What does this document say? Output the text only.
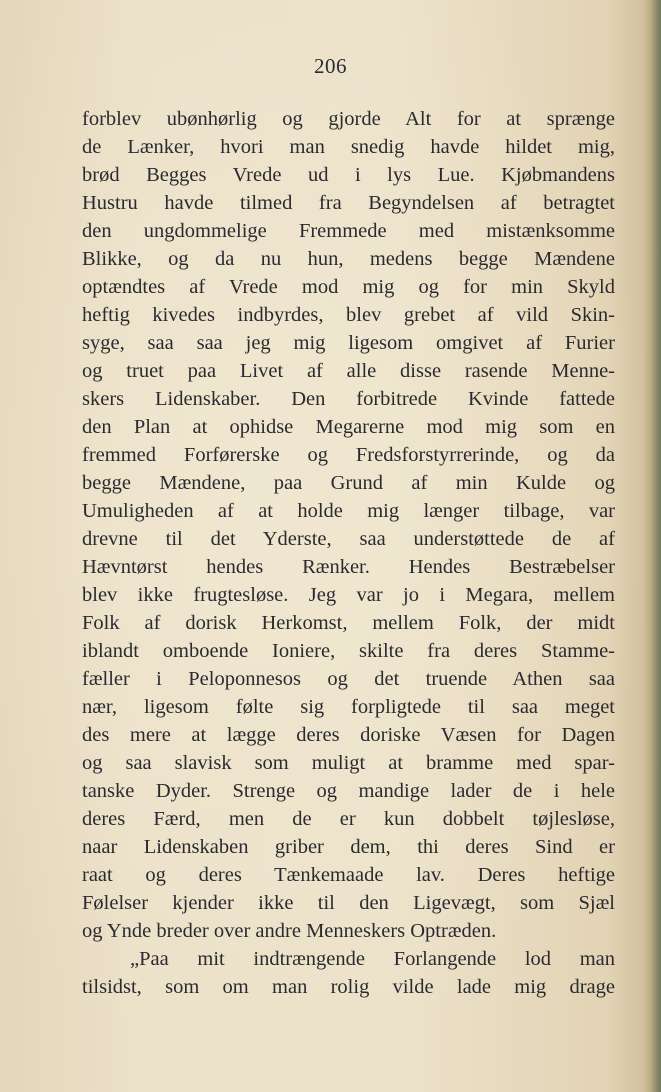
206
forblev ubønhørlig og gjorde Alt for at sprænge
de Lænker, hvori man snedig havde hildet mig,
brød Begges Vrede ud i lys Lue. Kjøbmandens
Hustru havde tilmed fra Begyndelsen af betragtet
den ungdommelige Fremmede med mistænksomme
Blikke, og da nu hun, medens begge Mændene
optændtes af Vrede mod mig og for min Skyld
heftig kivedes indbyrdes, blev grebet af vild Skin-
syge, saa saa jeg mig ligesom omgivet af Furier
og truet paa Livet af alle disse rasende Menne-
skers Lidenskaber. Den forbitrede Kvinde fattede
den Plan at ophidse Megarerne mod mig som en
fremmed Forførerske og Fredsforstyrrerinde, og da
begge Mændene, paa Grund af min Kulde og
Umuligheden af at holde mig længer tilbage, var
drevne til det Yderste, saa understøttede de af
Hævntørst hendes Rænker. Hendes Bestræbelser
blev ikke frugtesløse. Jeg var jo i Megara, mellem
Folk af dorisk Herkomst, mellem Folk, der midt
iblandt omboende Ioniere, skilte fra deres Stamme-
fæller i Peloponnesos og det truende Athen saa
nær, ligesom følte sig forpligtede til saa meget
des mere at lægge deres doriske Væsen for Dagen
og saa slavisk som muligt at bramme med spar-
tanske Dyder. Strenge og mandige lader de i hele
deres Færd, men de er kun dobbelt tøjlesløse,
naar Lidenskaben griber dem, thi deres Sind er
raat og deres Tænkemaade lav. Deres heftige
Følelser kjender ikke til den Ligevægt, som Sjæl
og Ynde breder over andre Menneskers Optræden.
„Paa mit indtrængende Forlangende lod man
tilsidst, som om man rolig vilde lade mig drage
